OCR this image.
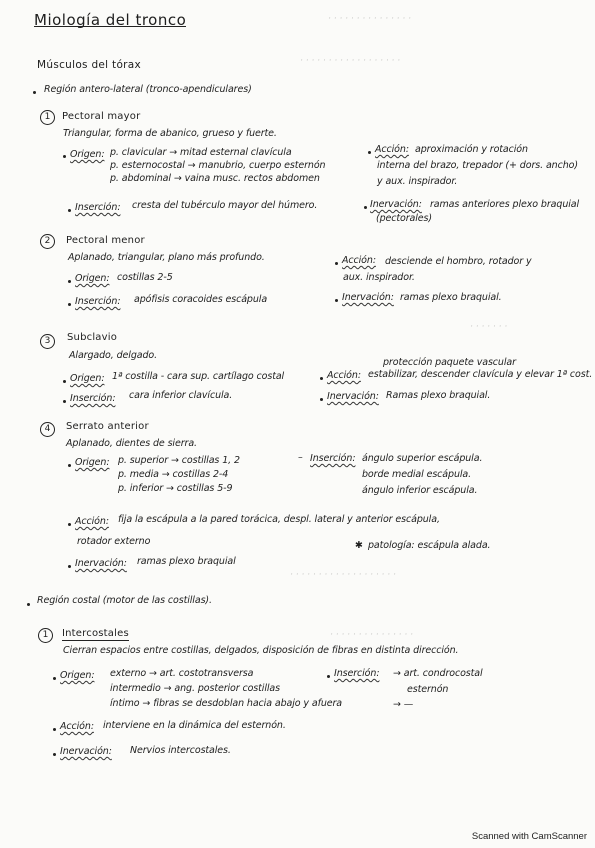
· · · · · · · · · · · · · · ·
· · · · · · · · · · · · · · · · · ·
· · · · · · ·
· · · · · · · · · · · · · · · · · · ·
· · · · · · · · · · · · · · ·
Miología del tronco
Músculos del tórax
Región antero-lateral (tronco-apendiculares)
1	Pectoral mayor
Triangular, forma de abanico, grueso y fuerte.
Origen: p. clavicular → mitad esternal clavícula
p. esternocostal → manubrio, cuerpo esternón
p. abdominal → vaina musc. rectos abdomen
Acción: aproximación y rotación
interna del brazo, trepador (+ dors. ancho)
y aux. inspirador.
Inserción: cresta del tubérculo mayor del húmero.	Inervación: ramas anteriores plexo braquial
(pectorales)
2	Pectoral menor
Aplanado, triangular, plano más profundo.
Origen: costillas 2-5
Acción: desciende el hombro, rotador y
aux. inspirador.
Inserción: apófisis coracoides escápula	Inervación: ramas plexo braquial.
3	Subclavio
Alargado, delgado.
Origen: 1ª costilla - cara sup. cartílago costal
protección paquete vascular
Acción: estabilizar, descender clavícula y elevar 1ª cost.
Inserción: cara inferior clavícula.	Inervación: Ramas plexo braquial.
4	Serrato anterior
Aplanado, dientes de sierra.
Origen: p. superior → costillas 1, 2
p. media → costillas 2-4
p. inferior → costillas 5-9
– Inserción: ángulo superior escápula.
borde medial escápula.
ángulo inferior escápula.
Acción: fija la escápula a la pared torácica, despl. lateral y anterior escápula,
rotador externo	✱ patología: escápula alada.
Inervación: ramas plexo braquial
Región costal (motor de las costillas).
1	Intercostales
Cierran espacios entre costillas, delgados, disposición de fibras en distinta dirección.
Origen: externo → art. costotransversa
intermedio → ang. posterior costillas
íntimo → fibras se desdoblan hacia abajo y afuera
Inserción: → art. condrocostal
esternón
→ —
Acción: interviene en la dinámica del esternón.
Inervación: Nervios intercostales.
Scanned with CamScanner
